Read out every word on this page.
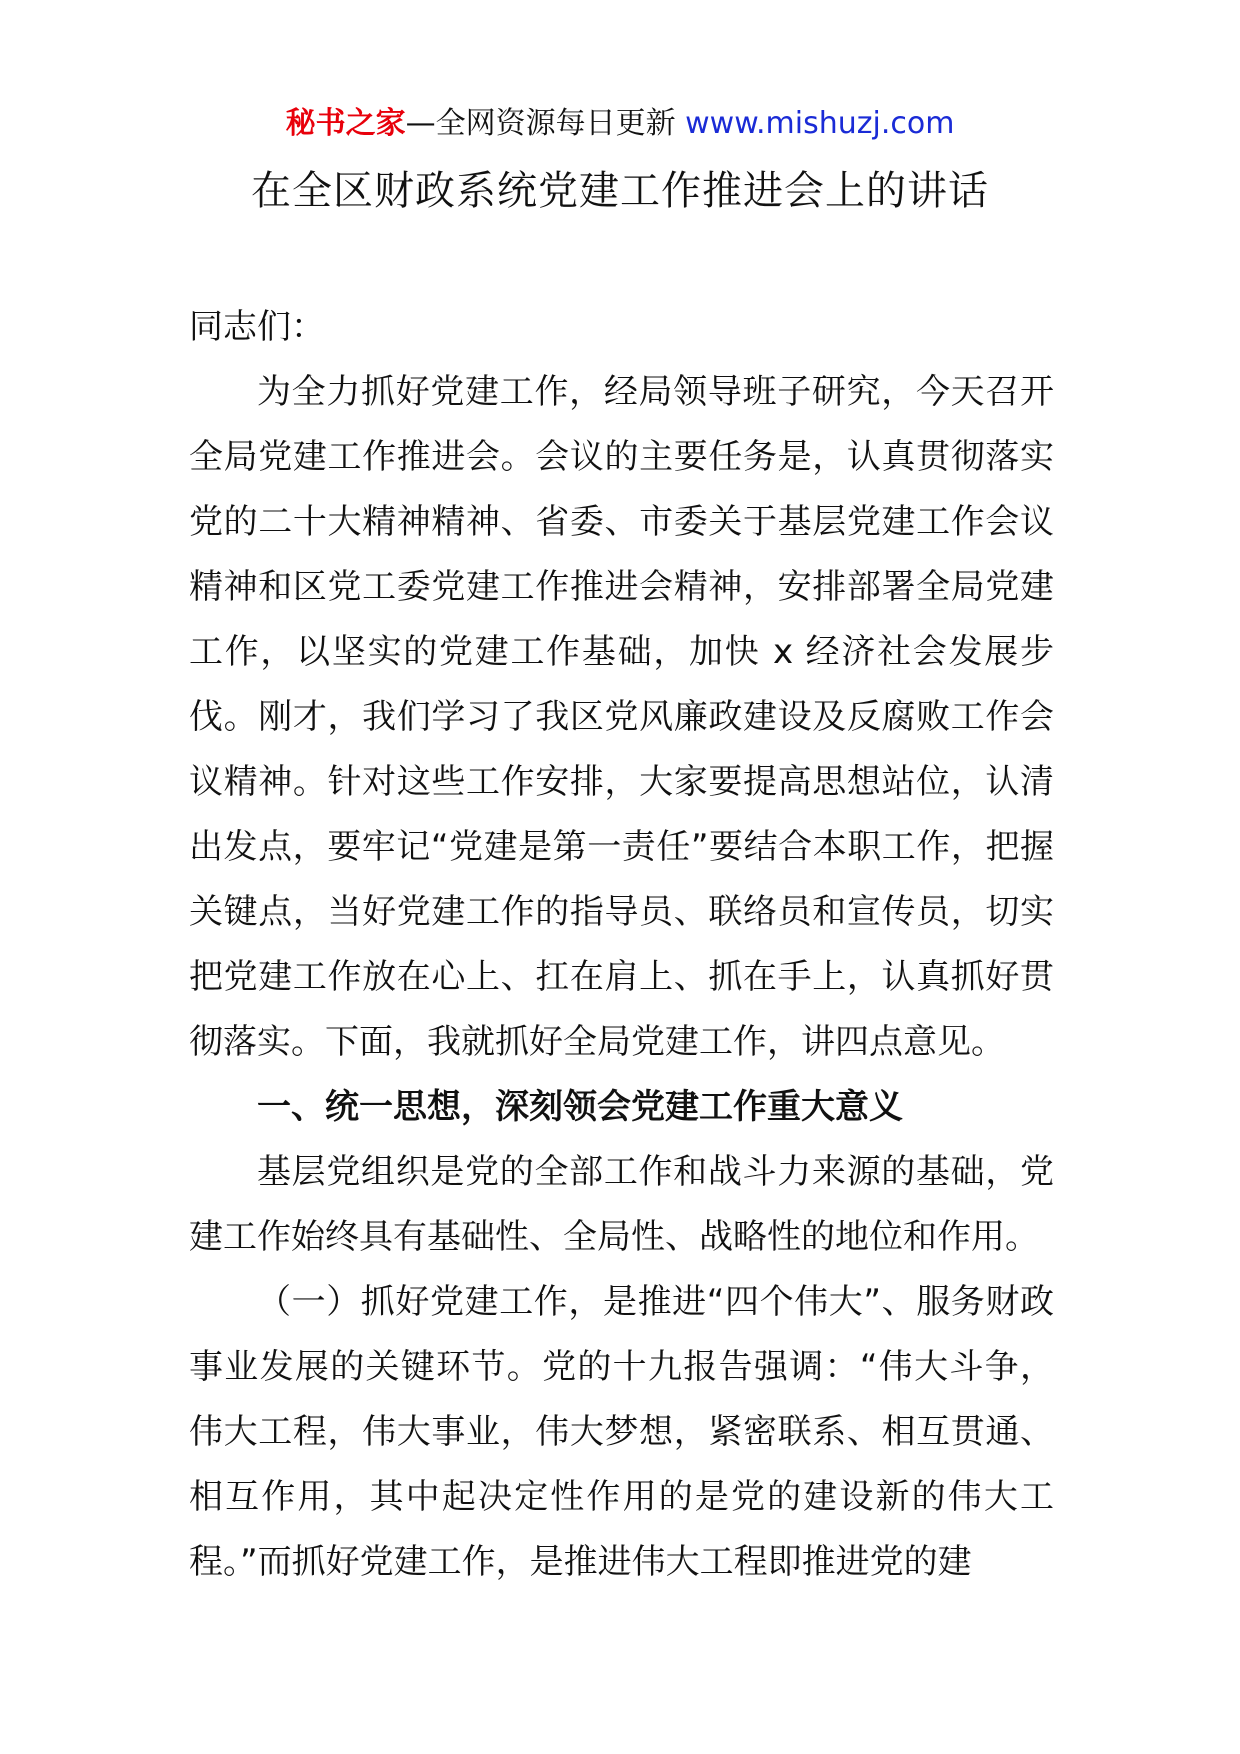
秘书之家—全网资源每日更新 www.mishuzj.com
在全区财政系统党建工作推进会上的讲话

同志们：

为全力抓好党建工作，经局领导班子研究，今天召开全局党建工作推进会。会议的主要任务是，认真贯彻落实党的二十大精神精神、省委、市委关于基层党建工作会议精神和区党工委党建工作推进会精神，安排部署全局党建工作，以坚实的党建工作基础，加快 x 经济社会发展步伐。刚才，我们学习了我区党风廉政建设及反腐败工作会议精神。针对这些工作安排，大家要提高思想站位，认清出发点，要牢记“党建是第一责任”要结合本职工作，把握关键点，当好党建工作的指导员、联络员和宣传员，切实把党建工作放在心上、扛在肩上、抓在手上，认真抓好贯彻落实。下面，我就抓好全局党建工作，讲四点意见。

一、统一思想，深刻领会党建工作重大意义

基层党组织是党的全部工作和战斗力来源的基础，党建工作始终具有基础性、全局性、战略性的地位和作用。

（一）抓好党建工作，是推进“四个伟大”、服务财政事业发展的关键环节。党的十九报告强调：“伟大斗争，伟大工程，伟大事业，伟大梦想，紧密联系、相互贯通、相互作用，其中起决定性作用的是党的建设新的伟大工程。”而抓好党建工作，是推进伟大工程即推进党的建
